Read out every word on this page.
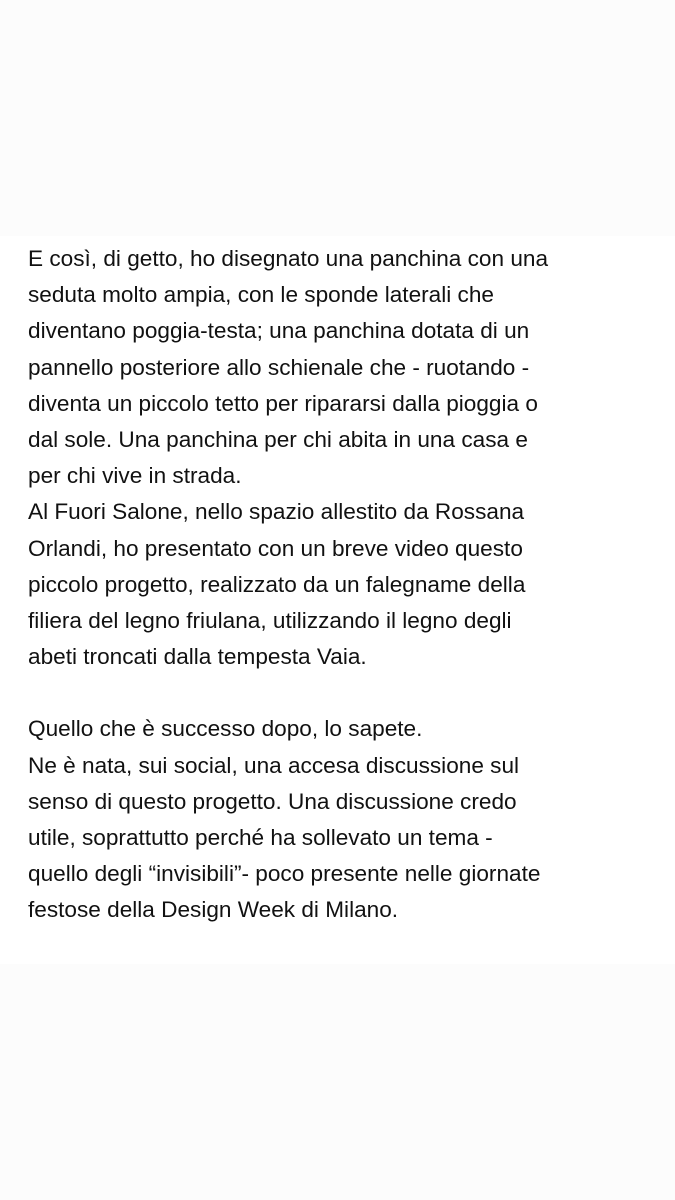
E così, di getto, ho disegnato una panchina con una
seduta molto ampia, con le sponde laterali che
diventano poggia-testa; una panchina dotata di un
pannello posteriore allo schienale che - ruotando -
diventa un piccolo tetto per ripararsi dalla pioggia o
dal sole. Una panchina per chi abita in una casa e
per chi vive in strada.
Al Fuori Salone, nello spazio allestito da Rossana
Orlandi, ho presentato con un breve video questo
piccolo progetto, realizzato da un falegname della
filiera del legno friulana, utilizzando il legno degli
abeti troncati dalla tempesta Vaia.
Quello che è successo dopo, lo sapete.
Ne è nata, sui social, una accesa discussione sul
senso di questo progetto. Una discussione credo
utile, soprattutto perché ha sollevato un tema -
quello degli “invisibili”- poco presente nelle giornate
festose della Design Week di Milano.
